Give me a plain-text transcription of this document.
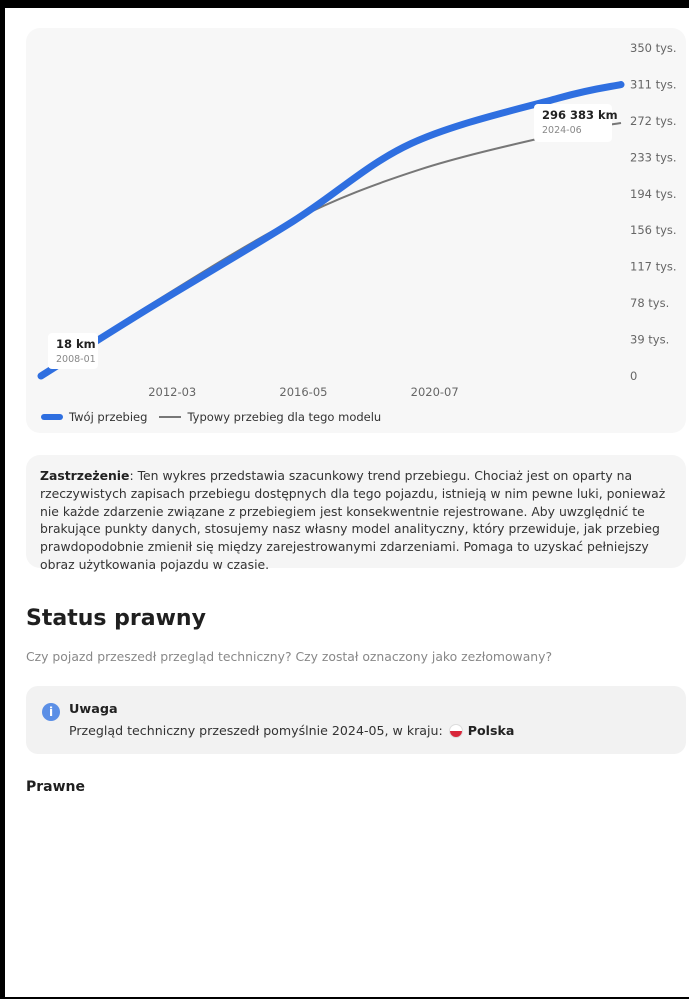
0
39 tys.
78 tys.
117 tys.
156 tys.
194 tys.
233 tys.
272 tys.
311 tys.
350 tys.
2012-03	2016-05	2020-07
18 km
2008-01
296 383 km
2024-06
Twój przebieg	Typowy przebieg dla tego modelu
Zastrzeżenie: Ten wykres przedstawia szacunkowy trend przebiegu. Chociaż jest on oparty na rzeczywistych zapisach przebiegu dostępnych dla tego pojazdu, istnieją w nim pewne luki, ponieważ nie każde zdarzenie związane z przebiegiem jest konsekwentnie rejestrowane. Aby uwzględnić te brakujące punkty danych, stosujemy nasz własny model analityczny, który przewiduje, jak przebieg prawdopodobnie zmienił się między zarejestrowanymi zdarzeniami. Pomaga to uzyskać pełniejszy obraz użytkowania pojazdu w czasie.
Status prawny
Czy pojazd przeszedł przegląd techniczny? Czy został oznaczony jako zezłomowany?
i	Uwaga
Przegląd techniczny przeszedł pomyślnie 2024-05, w kraju: Polska
Prawne
